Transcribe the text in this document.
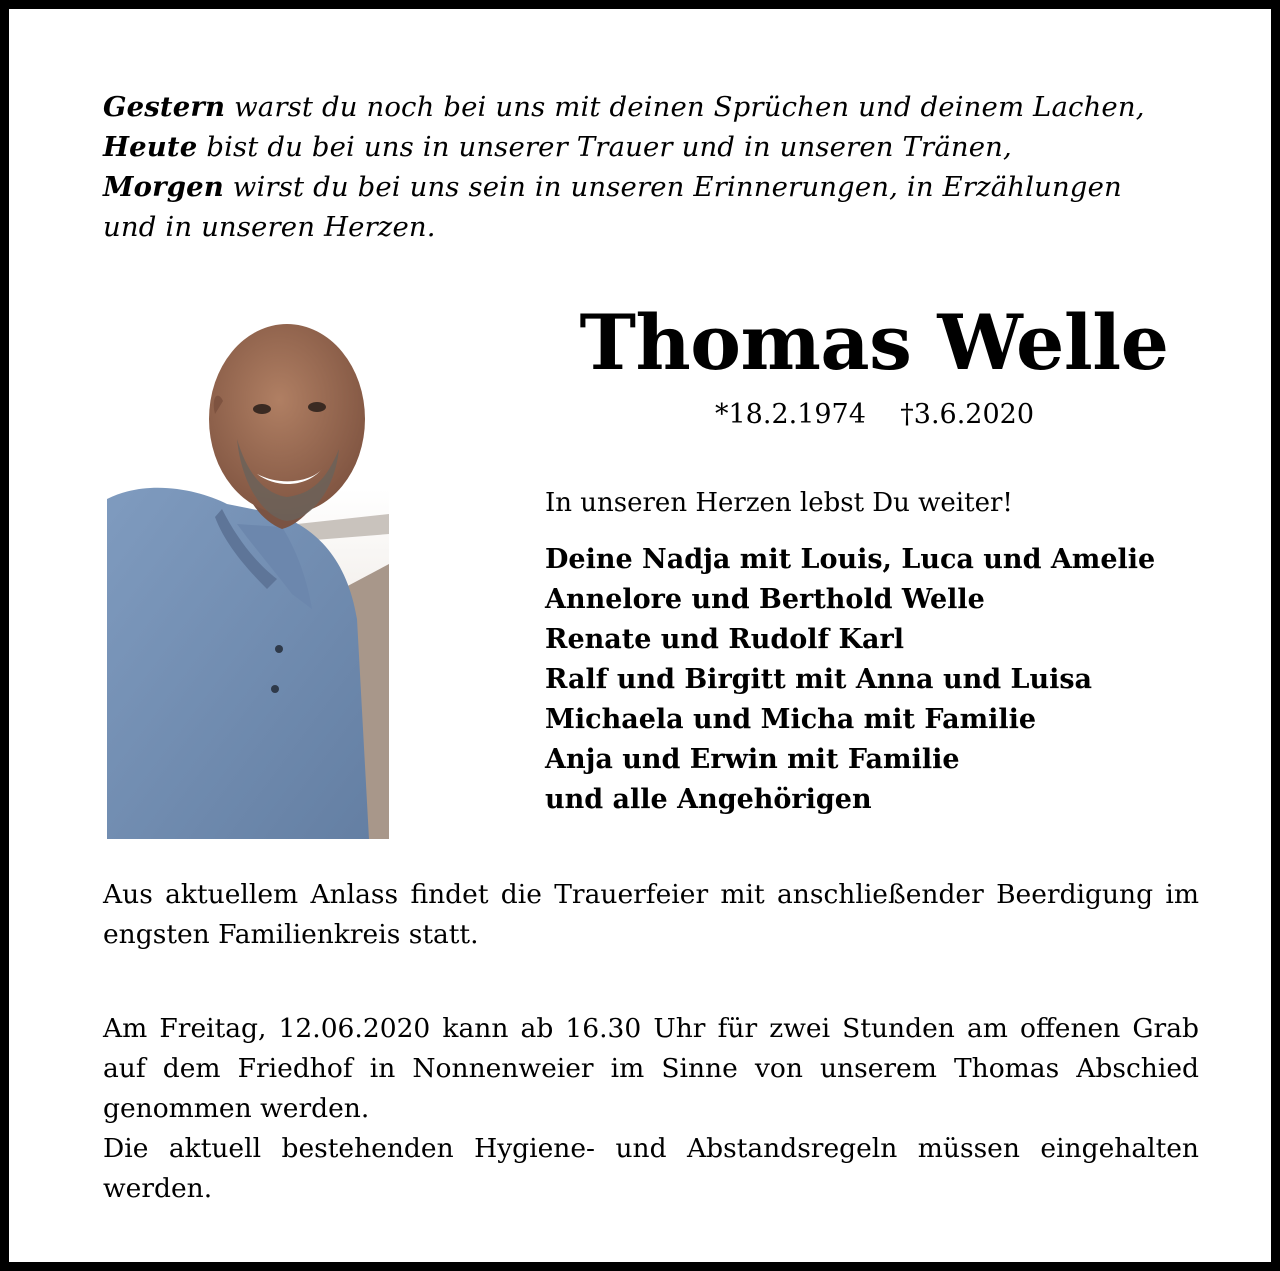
Gestern warst du noch bei uns mit deinen Sprüchen und deinem Lachen,
Heute bist du bei uns in unserer Trauer und in unseren Tränen,
Morgen wirst du bei uns sein in unseren Erinnerungen, in Erzählungen
und in unseren Herzen.
Thomas Welle
*18.2.1974 †3.6.2020
In unseren Herzen lebst Du weiter!
Deine Nadja mit Louis, Luca und Amelie
Annelore und Berthold Welle
Renate und Rudolf Karl
Ralf und Birgitt mit Anna und Luisa
Michaela und Micha mit Familie
Anja und Erwin mit Familie
und alle Angehörigen
Aus aktuellem Anlass findet die Trauerfeier mit anschließender Beerdigung im engsten Familienkreis statt.

Am Freitag, 12.06.2020 kann ab 16.30 Uhr für zwei Stunden am offenen Grab auf dem Friedhof in Nonnenweier im Sinne von unserem Thomas Abschied genommen werden.

Die aktuell bestehenden Hygiene- und Abstandsregeln müssen eingehalten werden.
